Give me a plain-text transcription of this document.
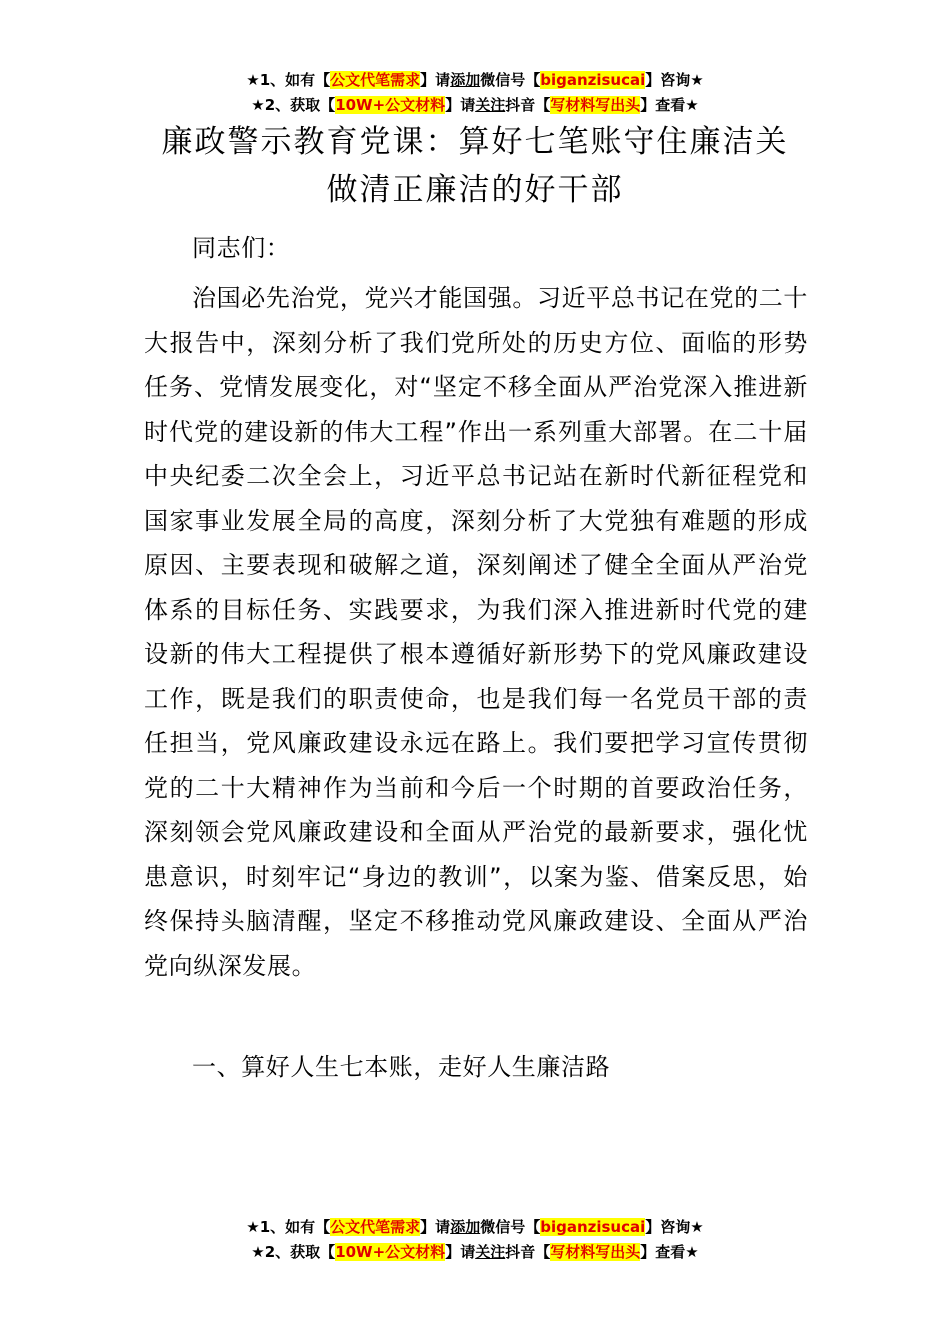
★1、如有【公文代笔需求】请添加微信号【biganzisucai】咨询★
★2、获取【10W+公文材料】请关注抖音【写材料写出头】查看★
廉政警示教育党课：算好七笔账守住廉洁关
做清正廉洁的好干部
同志们：
治国必先治党，党兴才能国强。习近平总书记在党的二十大报告中，深刻分析了我们党所处的历史方位、面临的形势任务、党情发展变化，对“坚定不移全面从严治党深入推进新时代党的建设新的伟大工程”作出一系列重大部署。在二十届中央纪委二次全会上，习近平总书记站在新时代新征程党和国家事业发展全局的高度，深刻分析了大党独有难题的形成原因、主要表现和破解之道，深刻阐述了健全全面从严治党体系的目标任务、实践要求，为我们深入推进新时代党的建设新的伟大工程提供了根本遵循好新形势下的党风廉政建设工作，既是我们的职责使命，也是我们每一名党员干部的责任担当，党风廉政建设永远在路上。我们要把学习宣传贯彻党的二十大精神作为当前和今后一个时期的首要政治任务，深刻领会党风廉政建设和全面从严治党的最新要求，强化忧患意识，时刻牢记“身边的教训”，以案为鉴、借案反思，始终保持头脑清醒，坚定不移推动党风廉政建设、全面从严治党向纵深发展。
一、算好人生七本账，走好人生廉洁路
★1、如有【公文代笔需求】请添加微信号【biganzisucai】咨询★
★2、获取【10W+公文材料】请关注抖音【写材料写出头】查看★
